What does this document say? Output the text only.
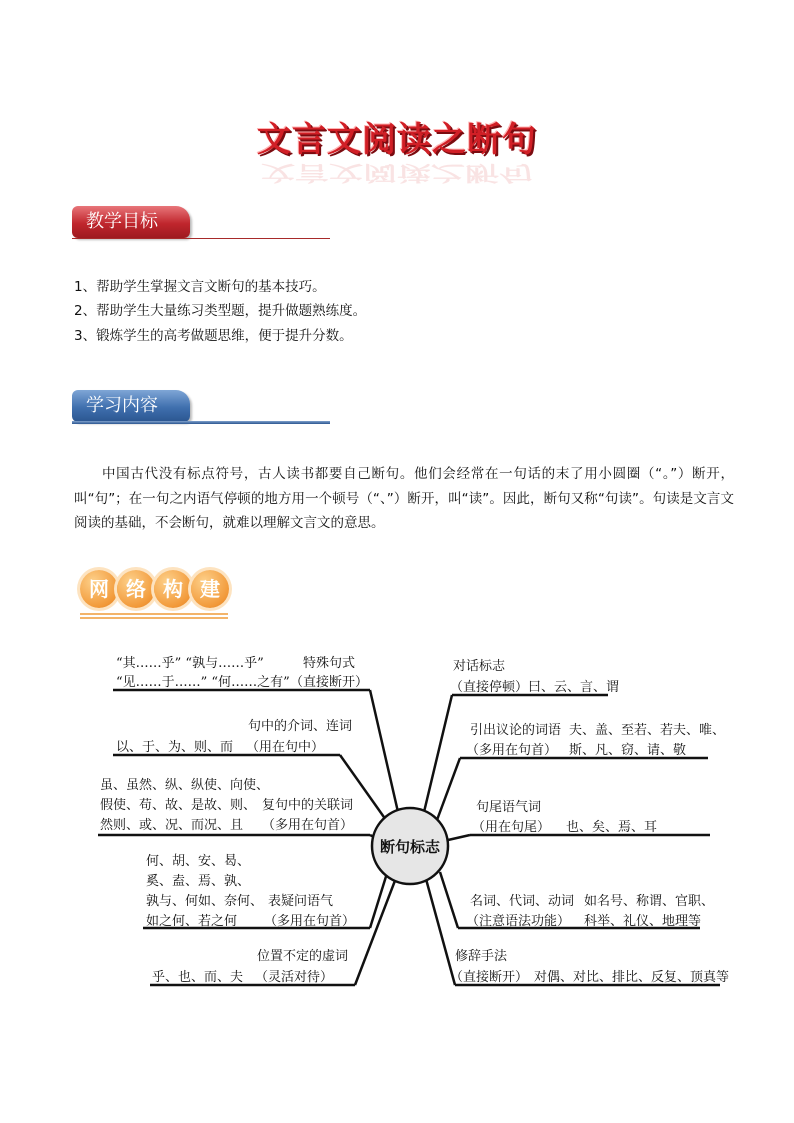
文言文阅读之断句
文言文阅读之断句
教学目标
1、帮助学生掌握文言文断句的基本技巧。
2、帮助学生大量练习类型题，提升做题熟练度。
3、锻炼学生的高考做题思维，便于提升分数。
学习内容
中国古代没有标点符号，古人读书都要自己断句。他们会经常在一句话的末了用小圆圈（“。”）断开，叫“句”；在一句之内语气停顿的地方用一个顿号（“、”）断开，叫“读”。因此，断句又称“句读”。句读是文言文阅读的基础，不会断句，就难以理解文言文的意思。
网 络 构 建
断句标志
“其……乎” “孰与……乎”
“见……于……” “何……之有”
特殊句式
（直接断开）
句中的介词、连词
以、于、为、则、而 （用在句中）
虽、虽然、纵、纵使、向使、
假使、苟、故、是故、则、
然则、或、况、而况、且
复句中的关联词
（多用在句首）
何、胡、安、曷、
奚、盍、焉、孰、
孰与、何如、奈何、
如之何、若之何
表疑问语气
（多用在句首）
位置不定的虚词
乎、也、而、夫 （灵活对待）
对话标志
（直接停顿）曰、云、言、谓
引出议论的词语
（多用在句首）
夫、盖、至若、若夫、唯、
斯、凡、窃、请、敬
句尾语气词
（用在句尾） 也、矣、焉、耳
名词、代词、动词
（注意语法功能）
如名号、称谓、官职、
科举、礼仪、地理等
修辞手法
（直接断开） 对偶、对比、排比、反复、顶真等
